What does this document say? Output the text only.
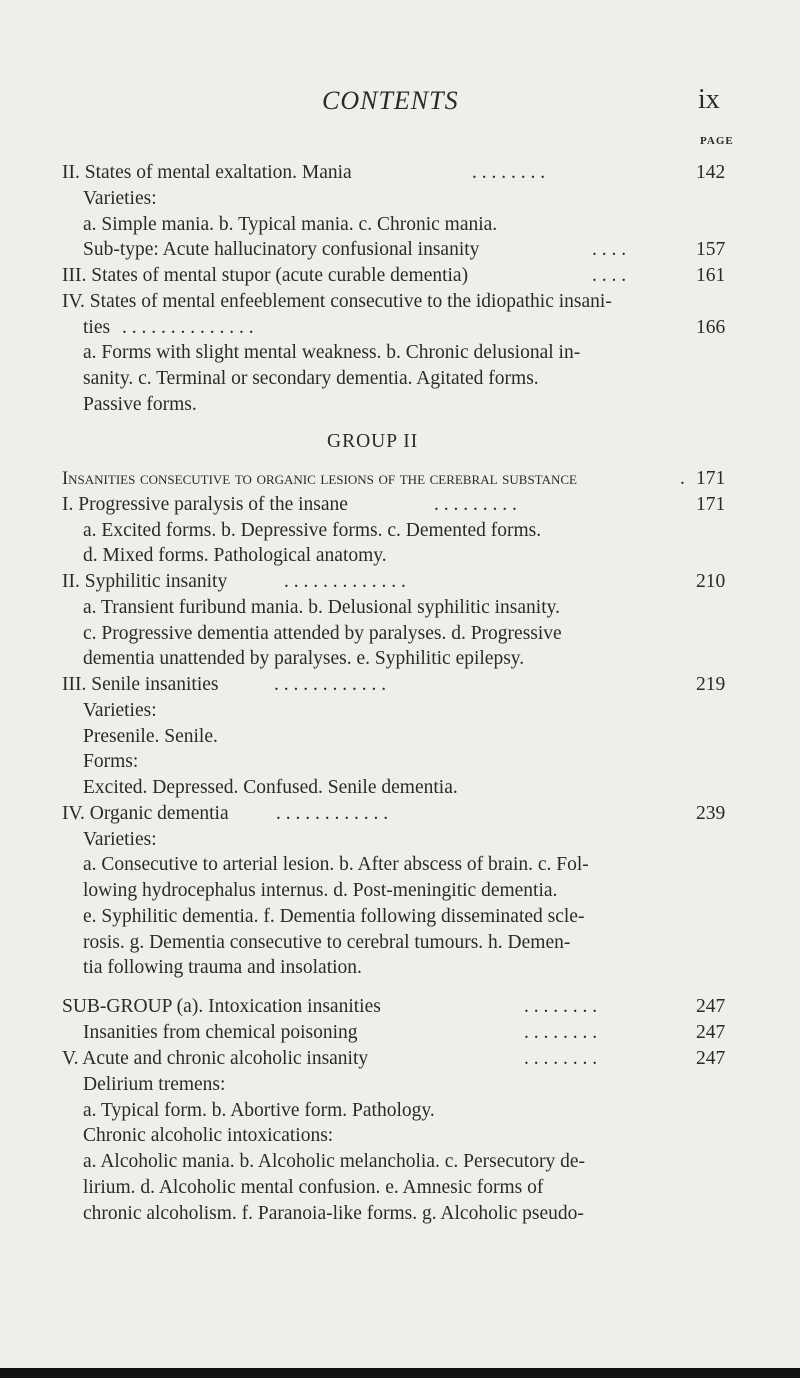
CONTENTS	ix
PAGE
II. States of mental exaltation. Mania	. . . . . . . .	142
Varieties:
a. Simple mania. b. Typical mania. c. Chronic mania.
Sub-type: Acute hallucinatory confusional insanity	. . . .	157
III. States of mental stupor (acute curable dementia)	. . . .	161
IV. States of mental enfeeblement consecutive to the idiopathic insani-
ties . . . . . . . . . . . . . .	166
a. Forms with slight mental weakness. b. Chronic delusional in-
sanity. c. Terminal or secondary dementia. Agitated forms.
Passive forms.
GROUP II
Insanities consecutive to organic lesions of the cerebral substance	. 171
I. Progressive paralysis of the insane	. . . . . . . . .	171
a. Excited forms. b. Depressive forms. c. Demented forms.
d. Mixed forms. Pathological anatomy.
II. Syphilitic insanity	. . . . . . . . . . . . .	210
a. Transient furibund mania. b. Delusional syphilitic insanity.
c. Progressive dementia attended by paralyses. d. Progressive
dementia unattended by paralyses. e. Syphilitic epilepsy.
III. Senile insanities	. . . . . . . . . . . .	219
Varieties:
Presenile. Senile.
Forms:
Excited. Depressed. Confused. Senile dementia.
IV. Organic dementia . . . . . . . . . . . .	239
Varieties:
a. Consecutive to arterial lesion. b. After abscess of brain. c. Fol-
lowing hydrocephalus internus. d. Post-meningitic dementia.
e. Syphilitic dementia. f. Dementia following disseminated scle-
rosis. g. Dementia consecutive to cerebral tumours. h. Demen-
tia following trauma and insolation.
SUB-GROUP (a). Intoxication insanities	. . . . . . . .	247
Insanities from chemical poisoning	. . . . . . . .	247
V. Acute and chronic alcoholic insanity	. . . . . . . .	247
Delirium tremens:
a. Typical form. b. Abortive form. Pathology.
Chronic alcoholic intoxications:
a. Alcoholic mania. b. Alcoholic melancholia. c. Persecutory de-
lirium. d. Alcoholic mental confusion. e. Amnesic forms of
chronic alcoholism. f. Paranoia-like forms. g. Alcoholic pseudo-
